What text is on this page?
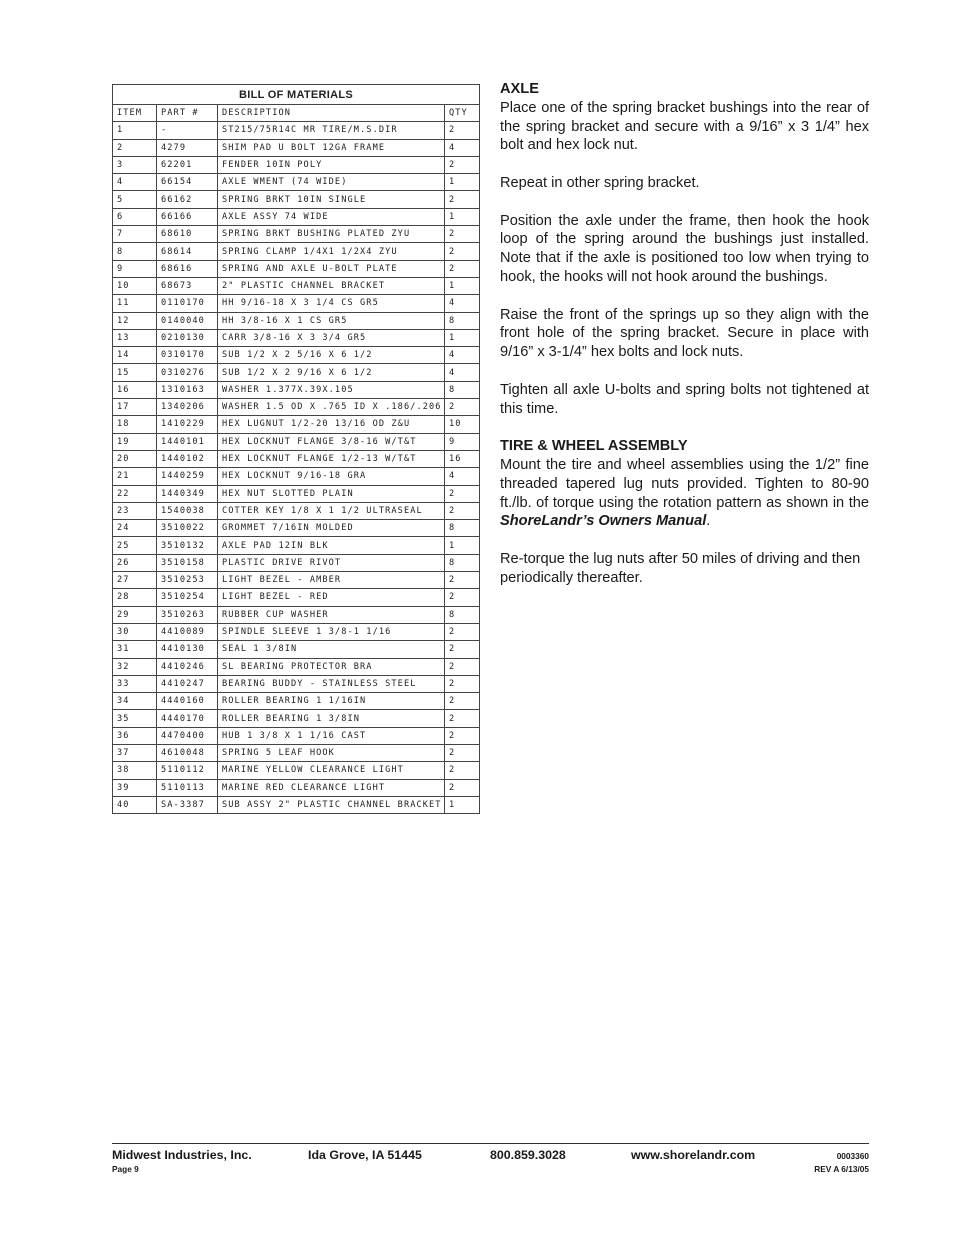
BILL OF MATERIALS			
ITEM	PART #	DESCRIPTION	QTY
1	-	ST215/75R14C MR TIRE/M.S.DIR	2
2	4279	SHIM PAD U BOLT 12GA FRAME	4
3	62201	FENDER 10IN POLY	2
4	66154	AXLE WMENT (74 WIDE)	1
5	66162	SPRING BRKT 10IN SINGLE	2
6	66166	AXLE ASSY 74 WIDE	1
7	68610	SPRING BRKT BUSHING PLATED ZYU	2
8	68614	SPRING CLAMP 1/4X1 1/2X4 ZYU	2
9	68616	SPRING AND AXLE U-BOLT PLATE	2
10	68673	2" PLASTIC CHANNEL BRACKET	1
11	0110170	HH 9/16-18 X 3 1/4 CS GR5	4
12	0140040	HH 3/8-16 X 1 CS GR5	8
13	0210130	CARR 3/8-16 X 3 3/4 GR5	1
14	0310170	SUB 1/2 X 2 5/16 X 6 1/2	4
15	0310276	SUB 1/2 X 2 9/16 X 6 1/2	4
16	1310163	WASHER 1.377X.39X.105	8
17	1340206	WASHER 1.5 OD X .765 ID X .186/.206	2
18	1410229	HEX LUGNUT 1/2-20 13/16 OD Z&U	10
19	1440101	HEX LOCKNUT FLANGE 3/8-16 W/T&T	9
20	1440102	HEX LOCKNUT FLANGE 1/2-13 W/T&T	16
21	1440259	HEX LOCKNUT 9/16-18 GRA	4
22	1440349	HEX NUT SLOTTED PLAIN	2
23	1540038	COTTER KEY 1/8 X 1 1/2 ULTRASEAL	2
24	3510022	GROMMET 7/16IN MOLDED	8
25	3510132	AXLE PAD 12IN BLK	1
26	3510158	PLASTIC DRIVE RIVOT	8
27	3510253	LIGHT BEZEL - AMBER	2
28	3510254	LIGHT BEZEL - RED	2
29	3510263	RUBBER CUP WASHER	8
30	4410089	SPINDLE SLEEVE 1 3/8-1 1/16	2
31	4410130	SEAL 1 3/8IN	2
32	4410246	SL BEARING PROTECTOR BRA	2
33	4410247	BEARING BUDDY - STAINLESS STEEL	2
34	4440160	ROLLER BEARING 1 1/16IN	2
35	4440170	ROLLER BEARING 1 3/8IN	2
36	4470400	HUB 1 3/8 X 1 1/16 CAST	2
37	4610048	SPRING 5 LEAF HOOK	2
38	5110112	MARINE YELLOW CLEARANCE LIGHT	2
39	5110113	MARINE RED CLEARANCE LIGHT	2
40	SA-3387	SUB ASSY 2" PLASTIC CHANNEL BRACKET	1
AXLE

Place one of the spring bracket bushings into the rear of the spring bracket and secure with a 9/16” x 3 1/4” hex bolt and hex lock nut.

Repeat in other spring bracket.

Position the axle under the frame, then hook the hook loop of the spring around the bushings just installed. Note that if the axle is positioned too low when trying to hook, the hooks will not hook around the bushings.

Raise the front of the springs up so they align with the front hole of the spring bracket. Secure in place with 9/16” x 3-1/4” hex bolts and lock nuts.

Tighten all axle U-bolts and spring bolts not tightened at this time.

TIRE & WHEEL ASSEMBLY

Mount the tire and wheel assemblies using the 1/2” fine threaded tapered lug nuts provided. Tighten to 80-90 ft./lb. of torque using the rotation pattern as shown in the ShoreLandr’s Owners Manual.

Re-torque the lug nuts after 50 miles of driving and then periodically thereafter.

Midwest Industries, Inc.	Ida Grove, IA 51445	800.859.3028	www.shorelandr.com	0003360
Page 9	REV A 6/13/05
